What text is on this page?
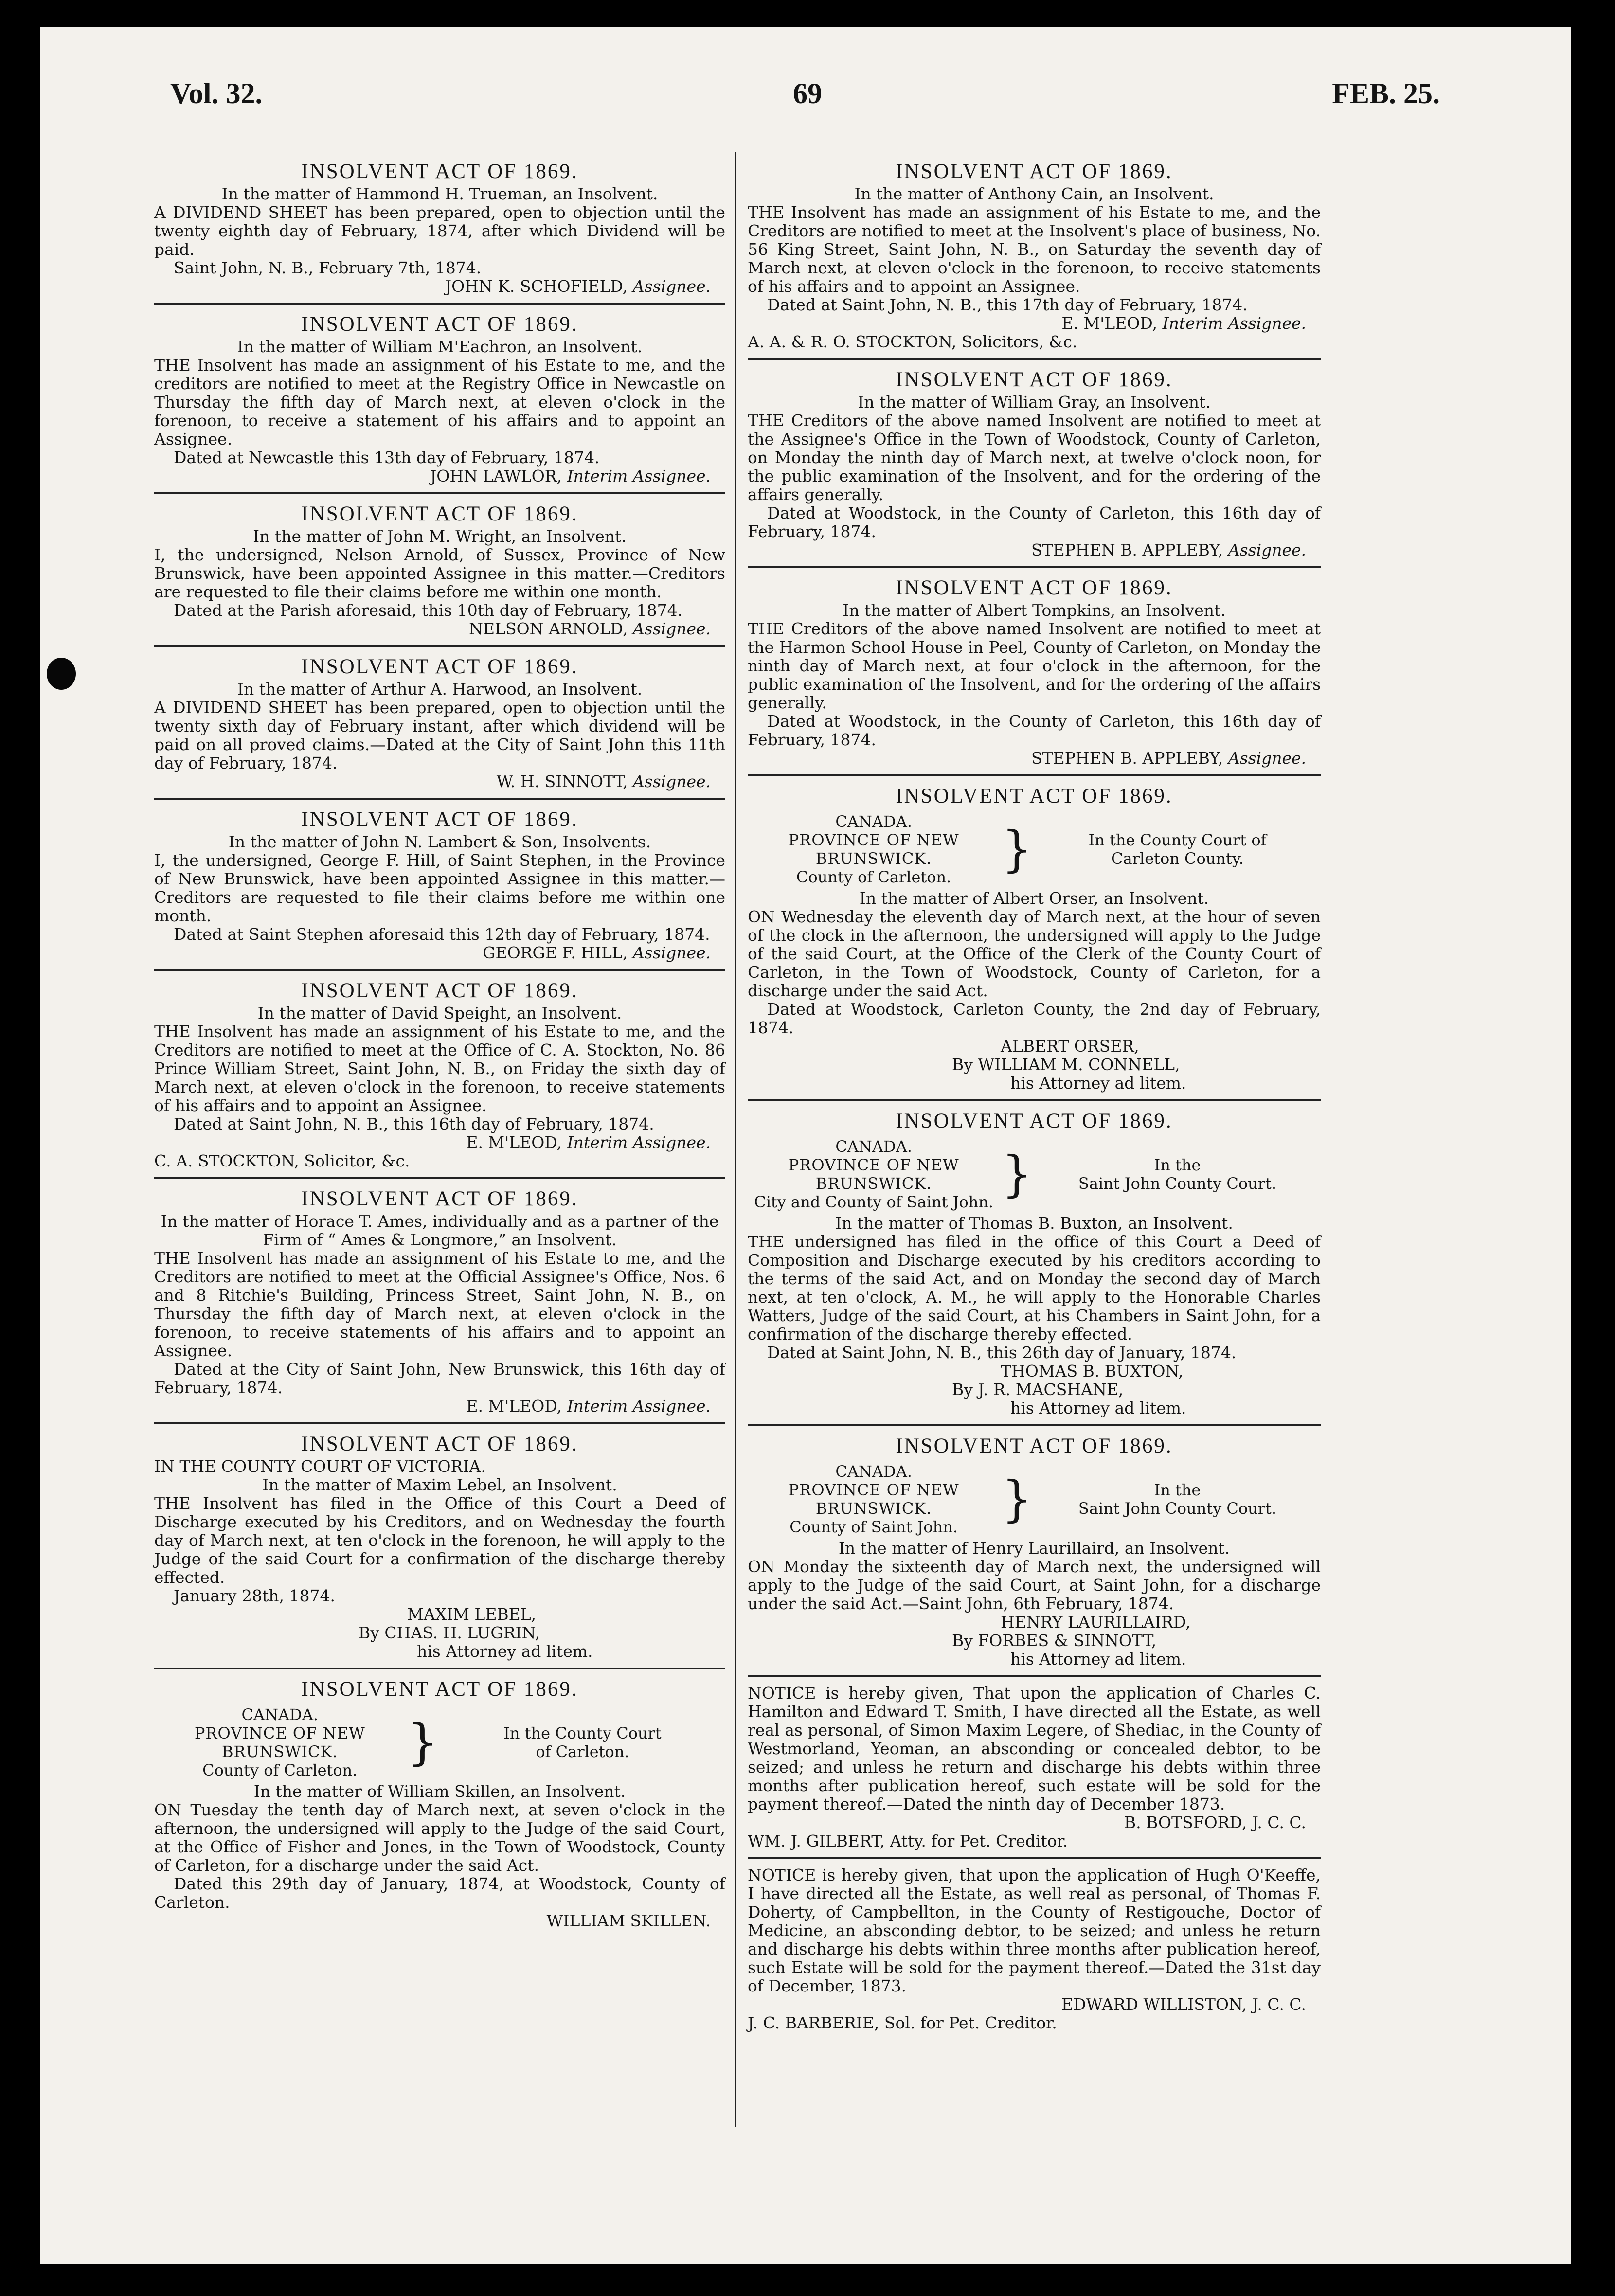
Vol. 32.	69	FEB. 25.
INSOLVENT ACT OF 1869.
In the matter of Hammond H. Trueman, an Insolvent.
A DIVIDEND SHEET has been prepared, open to objection until the twenty eighth day of February, 1874, after which Dividend will be paid.
Saint John, N. B., February 7th, 1874.
JOHN K. SCHOFIELD, Assignee.
INSOLVENT ACT OF 1869.
In the matter of William M'Eachron, an Insolvent.
THE Insolvent has made an assignment of his Estate to me, and the creditors are notified to meet at the Registry Office in Newcastle on Thursday the fifth day of March next, at eleven o'clock in the forenoon, to receive a statement of his affairs and to appoint an Assignee.
Dated at Newcastle this 13th day of February, 1874.
JOHN LAWLOR, Interim Assignee.
INSOLVENT ACT OF 1869.
In the matter of John M. Wright, an Insolvent.
I, the undersigned, Nelson Arnold, of Sussex, Province of New Brunswick, have been appointed Assignee in this matter.—Creditors are requested to file their claims before me within one month.
Dated at the Parish aforesaid, this 10th day of February, 1874.
NELSON ARNOLD, Assignee.
INSOLVENT ACT OF 1869.
In the matter of Arthur A. Harwood, an Insolvent.
A DIVIDEND SHEET has been prepared, open to objection until the twenty sixth day of February instant, after which dividend will be paid on all proved claims.—Dated at the City of Saint John this 11th day of February, 1874.
W. H. SINNOTT, Assignee.
INSOLVENT ACT OF 1869.
In the matter of John N. Lambert & Son, Insolvents.
I, the undersigned, George F. Hill, of Saint Stephen, in the Province of New Brunswick, have been appointed Assignee in this matter.—Creditors are requested to file their claims before me within one month.
Dated at Saint Stephen aforesaid this 12th day of February, 1874.
GEORGE F. HILL, Assignee.
INSOLVENT ACT OF 1869.
In the matter of David Speight, an Insolvent.
THE Insolvent has made an assignment of his Estate to me, and the Creditors are notified to meet at the Office of C. A. Stockton, No. 86 Prince William Street, Saint John, N. B., on Friday the sixth day of March next, at eleven o'clock in the forenoon, to receive statements of his affairs and to appoint an Assignee.
Dated at Saint John, N. B., this 16th day of February, 1874.
E. M'LEOD, Interim Assignee.
C. A. STOCKTON, Solicitor, &c.
INSOLVENT ACT OF 1869.
In the matter of Horace T. Ames, individually and as a partner of the Firm of “ Ames & Longmore,” an Insolvent.
THE Insolvent has made an assignment of his Estate to me, and the Creditors are notified to meet at the Official Assignee's Office, Nos. 6 and 8 Ritchie's Building, Princess Street, Saint John, N. B., on Thursday the fifth day of March next, at eleven o'clock in the forenoon, to receive statements of his affairs and to appoint an Assignee.
Dated at the City of Saint John, New Brunswick, this 16th day of February, 1874.
E. M'LEOD, Interim Assignee.
INSOLVENT ACT OF 1869.
IN THE COUNTY COURT OF VICTORIA.
In the matter of Maxim Lebel, an Insolvent.
THE Insolvent has filed in the Office of this Court a Deed of Discharge executed by his Creditors, and on Wednesday the fourth day of March next, at ten o'clock in the forenoon, he will apply to the Judge of the said Court for a confirmation of the discharge thereby effected.
January 28th, 1874.
MAXIM LEBEL,
By CHAS. H. LUGRIN,
his Attorney ad litem.
INSOLVENT ACT OF 1869.
CANADA.
PROVINCE OF NEW BRUNSWICK.
County of Carleton.	}	In the County Court
of Carleton.
In the matter of William Skillen, an Insolvent.
ON Tuesday the tenth day of March next, at seven o'clock in the afternoon, the undersigned will apply to the Judge of the said Court, at the Office of Fisher and Jones, in the Town of Woodstock, County of Carleton, for a discharge under the said Act.
Dated this 29th day of January, 1874, at Woodstock, County of Carleton.
WILLIAM SKILLEN.
INSOLVENT ACT OF 1869.
In the matter of Anthony Cain, an Insolvent.
THE Insolvent has made an assignment of his Estate to me, and the Creditors are notified to meet at the Insolvent's place of business, No. 56 King Street, Saint John, N. B., on Saturday the seventh day of March next, at eleven o'clock in the forenoon, to receive statements of his affairs and to appoint an Assignee.
Dated at Saint John, N. B., this 17th day of February, 1874.
E. M'LEOD, Interim Assignee.
A. A. & R. O. STOCKTON, Solicitors, &c.
INSOLVENT ACT OF 1869.
In the matter of William Gray, an Insolvent.
THE Creditors of the above named Insolvent are notified to meet at the Assignee's Office in the Town of Woodstock, County of Carleton, on Monday the ninth day of March next, at twelve o'clock noon, for the public examination of the Insolvent, and for the ordering of the affairs generally.
Dated at Woodstock, in the County of Carleton, this 16th day of February, 1874.
STEPHEN B. APPLEBY, Assignee.
INSOLVENT ACT OF 1869.
In the matter of Albert Tompkins, an Insolvent.
THE Creditors of the above named Insolvent are notified to meet at the Harmon School House in Peel, County of Carleton, on Monday the ninth day of March next, at four o'clock in the afternoon, for the public examination of the Insolvent, and for the ordering of the affairs generally.
Dated at Woodstock, in the County of Carleton, this 16th day of February, 1874.
STEPHEN B. APPLEBY, Assignee.
INSOLVENT ACT OF 1869.
CANADA.
PROVINCE OF NEW BRUNSWICK.
County of Carleton.	}	In the County Court of
Carleton County.
In the matter of Albert Orser, an Insolvent.
ON Wednesday the eleventh day of March next, at the hour of seven of the clock in the afternoon, the undersigned will apply to the Judge of the said Court, at the Office of the Clerk of the County Court of Carleton, in the Town of Woodstock, County of Carleton, for a discharge under the said Act.
Dated at Woodstock, Carleton County, the 2nd day of February, 1874.
ALBERT ORSER,
By WILLIAM M. CONNELL,
his Attorney ad litem.
INSOLVENT ACT OF 1869.
CANADA.
PROVINCE OF NEW BRUNSWICK.
City and County of Saint John. }	In the
Saint John County Court.
In the matter of Thomas B. Buxton, an Insolvent.
THE undersigned has filed in the office of this Court a Deed of Composition and Discharge executed by his creditors according to the terms of the said Act, and on Monday the second day of March next, at ten o'clock, A. M., he will apply to the Honorable Charles Watters, Judge of the said Court, at his Chambers in Saint John, for a confirmation of the discharge thereby effected.
Dated at Saint John, N. B., this 26th day of January, 1874.
THOMAS B. BUXTON,
By J. R. MACSHANE,
his Attorney ad litem.
INSOLVENT ACT OF 1869.
CANADA.
PROVINCE OF NEW BRUNSWICK.
County of Saint John. }	In the
Saint John County Court.
In the matter of Henry Laurillaird, an Insolvent.
ON Monday the sixteenth day of March next, the undersigned will apply to the Judge of the said Court, at Saint John, for a discharge under the said Act.—Saint John, 6th February, 1874.
HENRY LAURILLAIRD,
By FORBES & SINNOTT,
his Attorney ad litem.
NOTICE is hereby given, That upon the application of Charles C. Hamilton and Edward T. Smith, I have directed all the Estate, as well real as personal, of Simon Maxim Legere, of Shediac, in the County of Westmorland, Yeoman, an absconding or concealed debtor, to be seized; and unless he return and discharge his debts within three months after publication hereof, such estate will be sold for the payment thereof.—Dated the ninth day of December 1873.
B. BOTSFORD, J. C. C.
WM. J. GILBERT, Atty. for Pet. Creditor.
NOTICE is hereby given, that upon the application of Hugh O'Keeffe, I have directed all the Estate, as well real as personal, of Thomas F. Doherty, of Campbellton, in the County of Restigouche, Doctor of Medicine, an absconding debtor, to be seized; and unless he return and discharge his debts within three months after publication hereof, such Estate will be sold for the payment thereof.—Dated the 31st day of December, 1873.
EDWARD WILLISTON, J. C. C.
J. C. BARBERIE, Sol. for Pet. Creditor.
